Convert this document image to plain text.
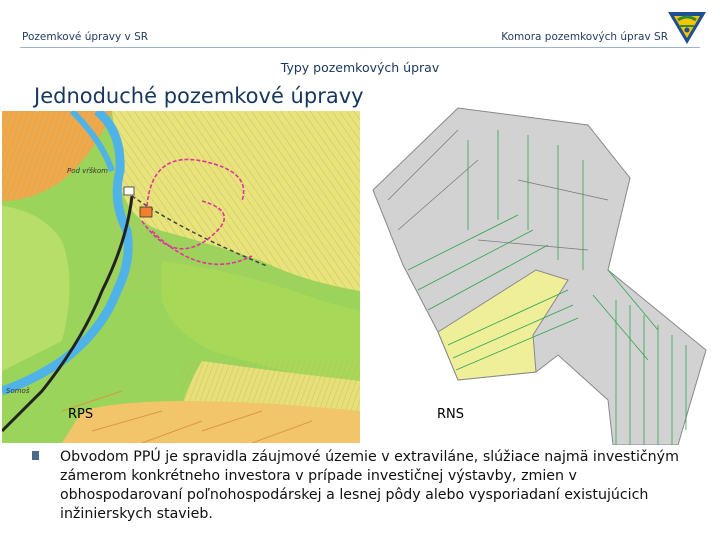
Pozemkové úpravy v SR	Komora pozemkových úprav SR
Typy pozemkových úprav
Jednoduché pozemkové úpravy
Pod vŕškom
Somoš
RPS	RNS
Obvodom PPÚ je spravidla záujmové územie v extraviláne, slúžiace najmä investičným zámerom konkrétneho investora v prípade investičnej výstavby, zmien v obhospodarovaní poľnohospodárskej a lesnej pôdy alebo vysporiadaní existujúcich inžinierskych stavieb.
